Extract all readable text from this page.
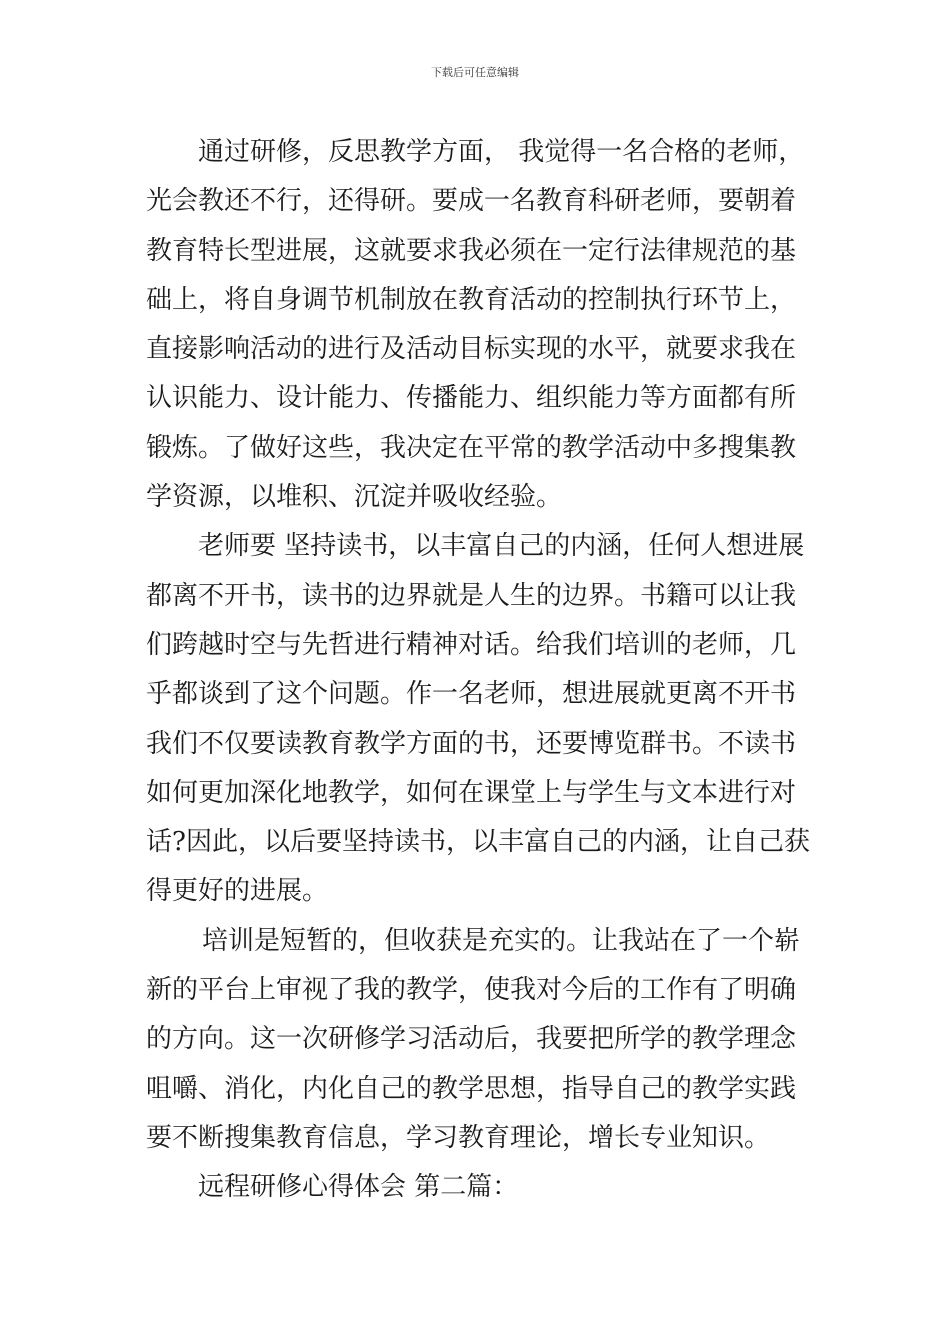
下载后可任意编辑
通过研修，反思教学方面， 我觉得一名合格的老师，
光会教还不行，还得研。要成一名教育科研老师，要朝着
教育特长型进展，这就要求我必须在一定行法律规范的基
础上，将自身调节机制放在教育活动的控制执行环节上，
直接影响活动的进行及活动目标实现的水平，就要求我在
认识能力、设计能力、传播能力、组织能力等方面都有所
锻炼。了做好这些，我决定在平常的教学活动中多搜集教
学资源，以堆积、沉淀并吸收经验。
老师要 坚持读书，以丰富自己的内涵，任何人想进展
都离不开书，读书的边界就是人生的边界。书籍可以让我
们跨越时空与先哲进行精神对话。给我们培训的老师，几
乎都谈到了这个问题。作一名老师，想进展就更离不开书
我们不仅要读教育教学方面的书，还要博览群书。不读书
如何更加深化地教学，如何在课堂上与学生与文本进行对
话?因此，以后要坚持读书，以丰富自己的内涵，让自己获
得更好的进展。
培训是短暂的，但收获是充实的。让我站在了一个崭
新的平台上审视了我的教学，使我对今后的工作有了明确
的方向。这一次研修学习活动后，我要把所学的教学理念
咀嚼、消化，内化自己的教学思想，指导自己的教学实践
要不断搜集教育信息，学习教育理论，增长专业知识。
远程研修心得体会 第二篇：
